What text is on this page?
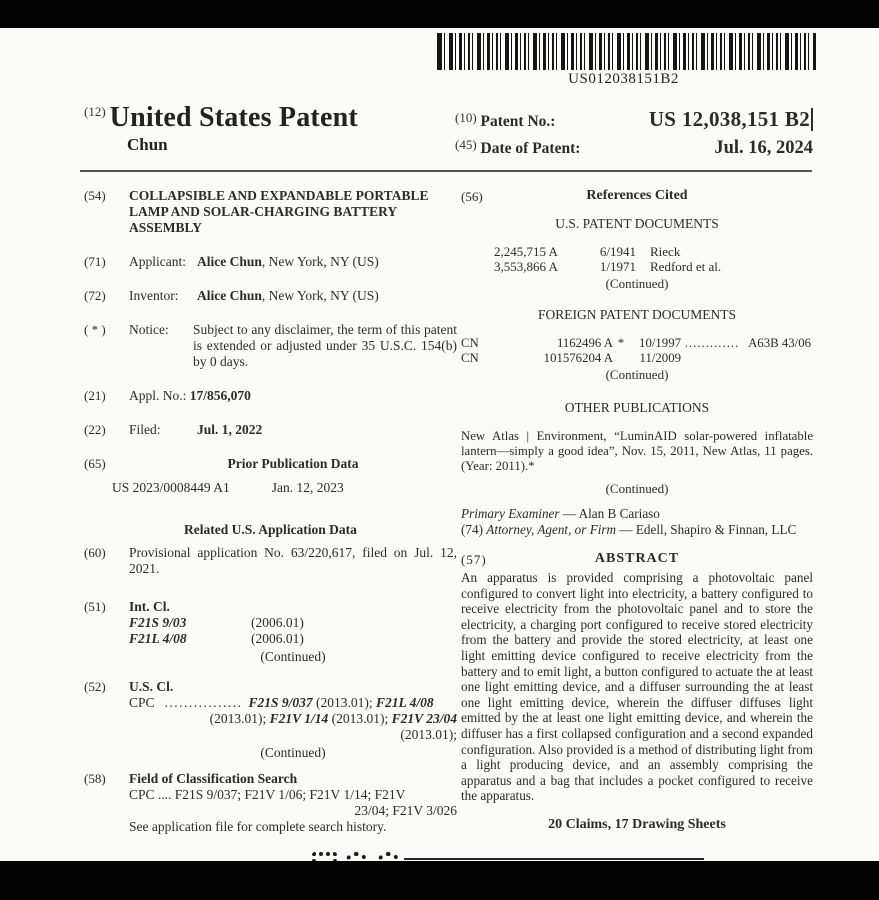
US012038151B2
$^{(12)}$ United States Patent
Chun
$^{(10)}$ Patent No.:	US 12,038,151 B2
$^{(45)}$ Date of Patent:	Jul. 16, 2024
(54)	COLLAPSIBLE AND EXPANDABLE PORTABLE LAMP AND SOLAR-CHARGING BATTERY ASSEMBLY
(71)	Applicant: Alice Chun, New York, NY (US)
(72)	Inventor: Alice Chun, New York, NY (US)
( * )	Notice:	Subject to any disclaimer, the term of this patent is extended or adjusted under 35 U.S.C. 154(b) by 0 days.
(21)	Appl. No.: 17/856,070
(22)	Filed:	Jul. 1, 2022
(65)	Prior Publication Data
US 2023/0008449 A1	Jan. 12, 2023
Related U.S. Application Data
(60)	Provisional application No. 63/220,617, filed on Jul. 12, 2021.
(51)	Int. Cl.
F21S 9/03	(2006.01)
F21L 4/08	(2006.01)
(Continued)
(52)	U.S. Cl.
CPC ................ F21S 9/037 (2013.01); F21L 4/08
(2013.01); F21V 1/14 (2013.01); F21V 23/04
(2013.01);
(Continued)
(58)	Field of Classification Search
CPC .... F21S 9/037; F21V 1/06; F21V 1/14; F21V
23/04; F21V 3/026
See application file for complete search history.
(56)	References Cited
U.S. PATENT DOCUMENTS
2,245,715 A	6/1941 Rieck
3,553,866 A	1/1971 Redford et al.
(Continued)
FOREIGN PATENT DOCUMENTS
CN	1162496 A *	10/1997 ............. A63B 43/06
CN	101576204 A	11/2009
(Continued)
OTHER PUBLICATIONS
New Atlas | Environment, “LuminAID solar-powered inflatable lantern—simply a good idea”, Nov. 15, 2011, New Atlas, 11 pages. (Year: 2011).*
(Continued)
Primary Examiner — Alan B Cariaso
(74) Attorney, Agent, or Firm — Edell, Shapiro & Finnan, LLC
(57)	ABSTRACT
An apparatus is provided comprising a photovoltaic panel configured to convert light into electricity, a battery configured to receive electricity from the photovoltaic panel and to store the electricity, a charging port configured to receive stored electricity from the battery and provide the stored electricity, at least one light emitting device configured to receive electricity from the battery and to emit light, a button configured to actuate the at least one light emitting device, and a diffuser surrounding the at least one light emitting device, wherein the diffuser diffuses light emitted by the at least one light emitting device, and wherein the diffuser has a first collapsed configuration and a second expanded configuration. Also provided is a method of distributing light from a light producing device, and an assembly comprising the apparatus and a bag that includes a pocket configured to receive the apparatus.
20 Claims, 17 Drawing Sheets
